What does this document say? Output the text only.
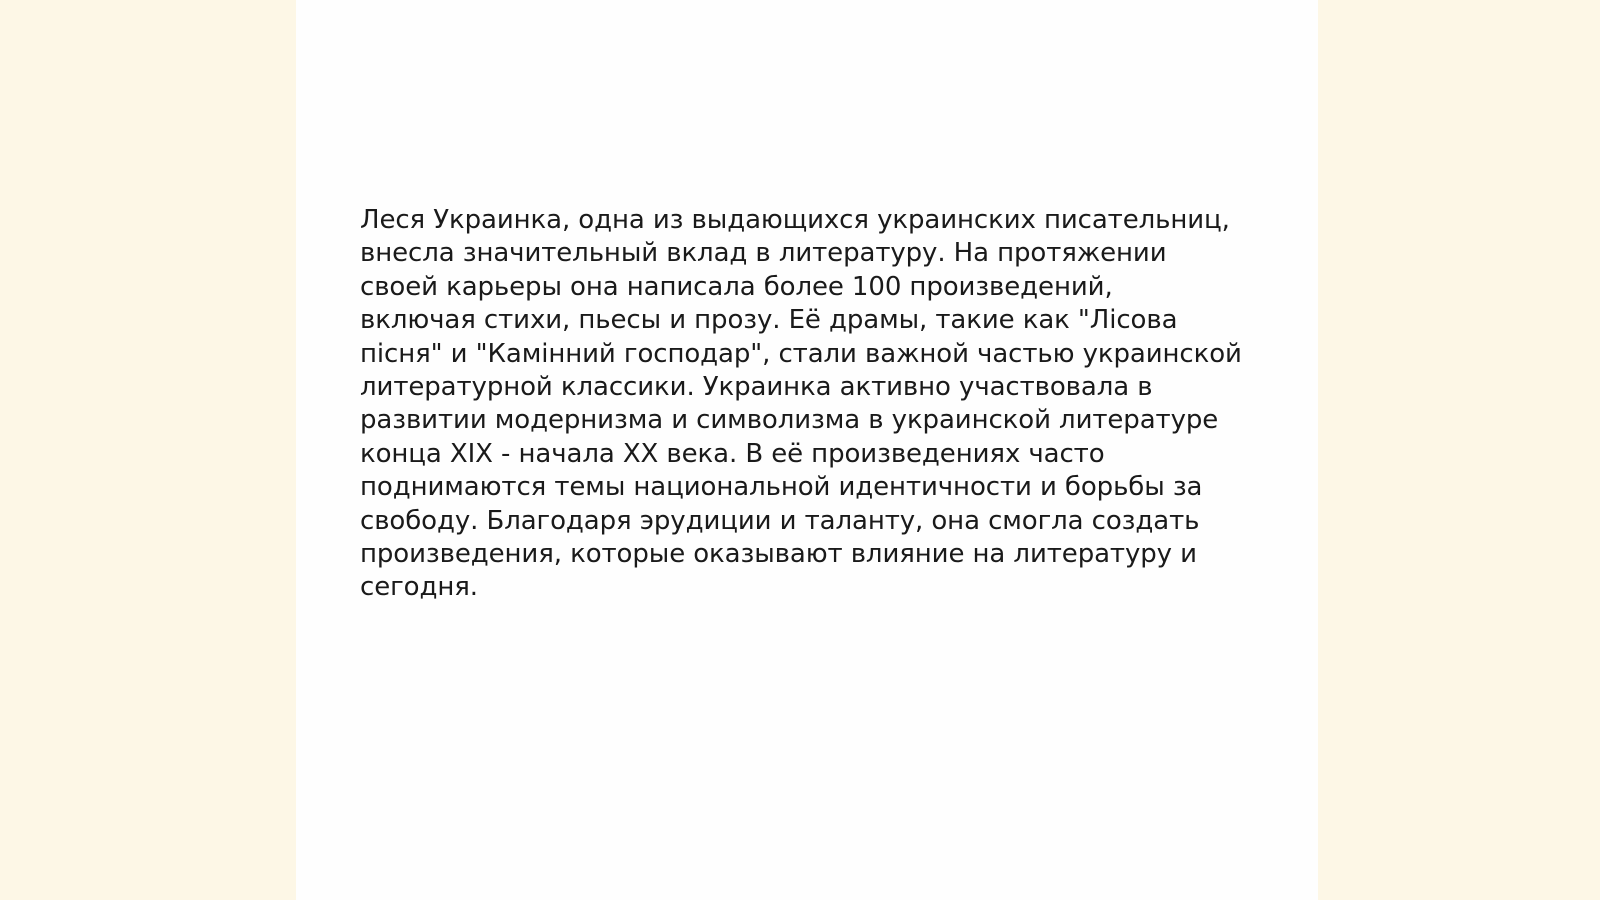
Леся Украинка, одна из выдающихся украинских писательниц,
внесла значительный вклад в литературу. На протяжении
своей карьеры она написала более 100 произведений,
включая стихи, пьесы и прозу. Её драмы, такие как "Лісова
пісня" и "Камінний господар", стали важной частью украинской
литературной классики. Украинка активно участвовала в
развитии модернизма и символизма в украинской литературе
конца XIX - начала XX века. В её произведениях часто
поднимаются темы национальной идентичности и борьбы за
свободу. Благодаря эрудиции и таланту, она смогла создать
произведения, которые оказывают влияние на литературу и
сегодня.
